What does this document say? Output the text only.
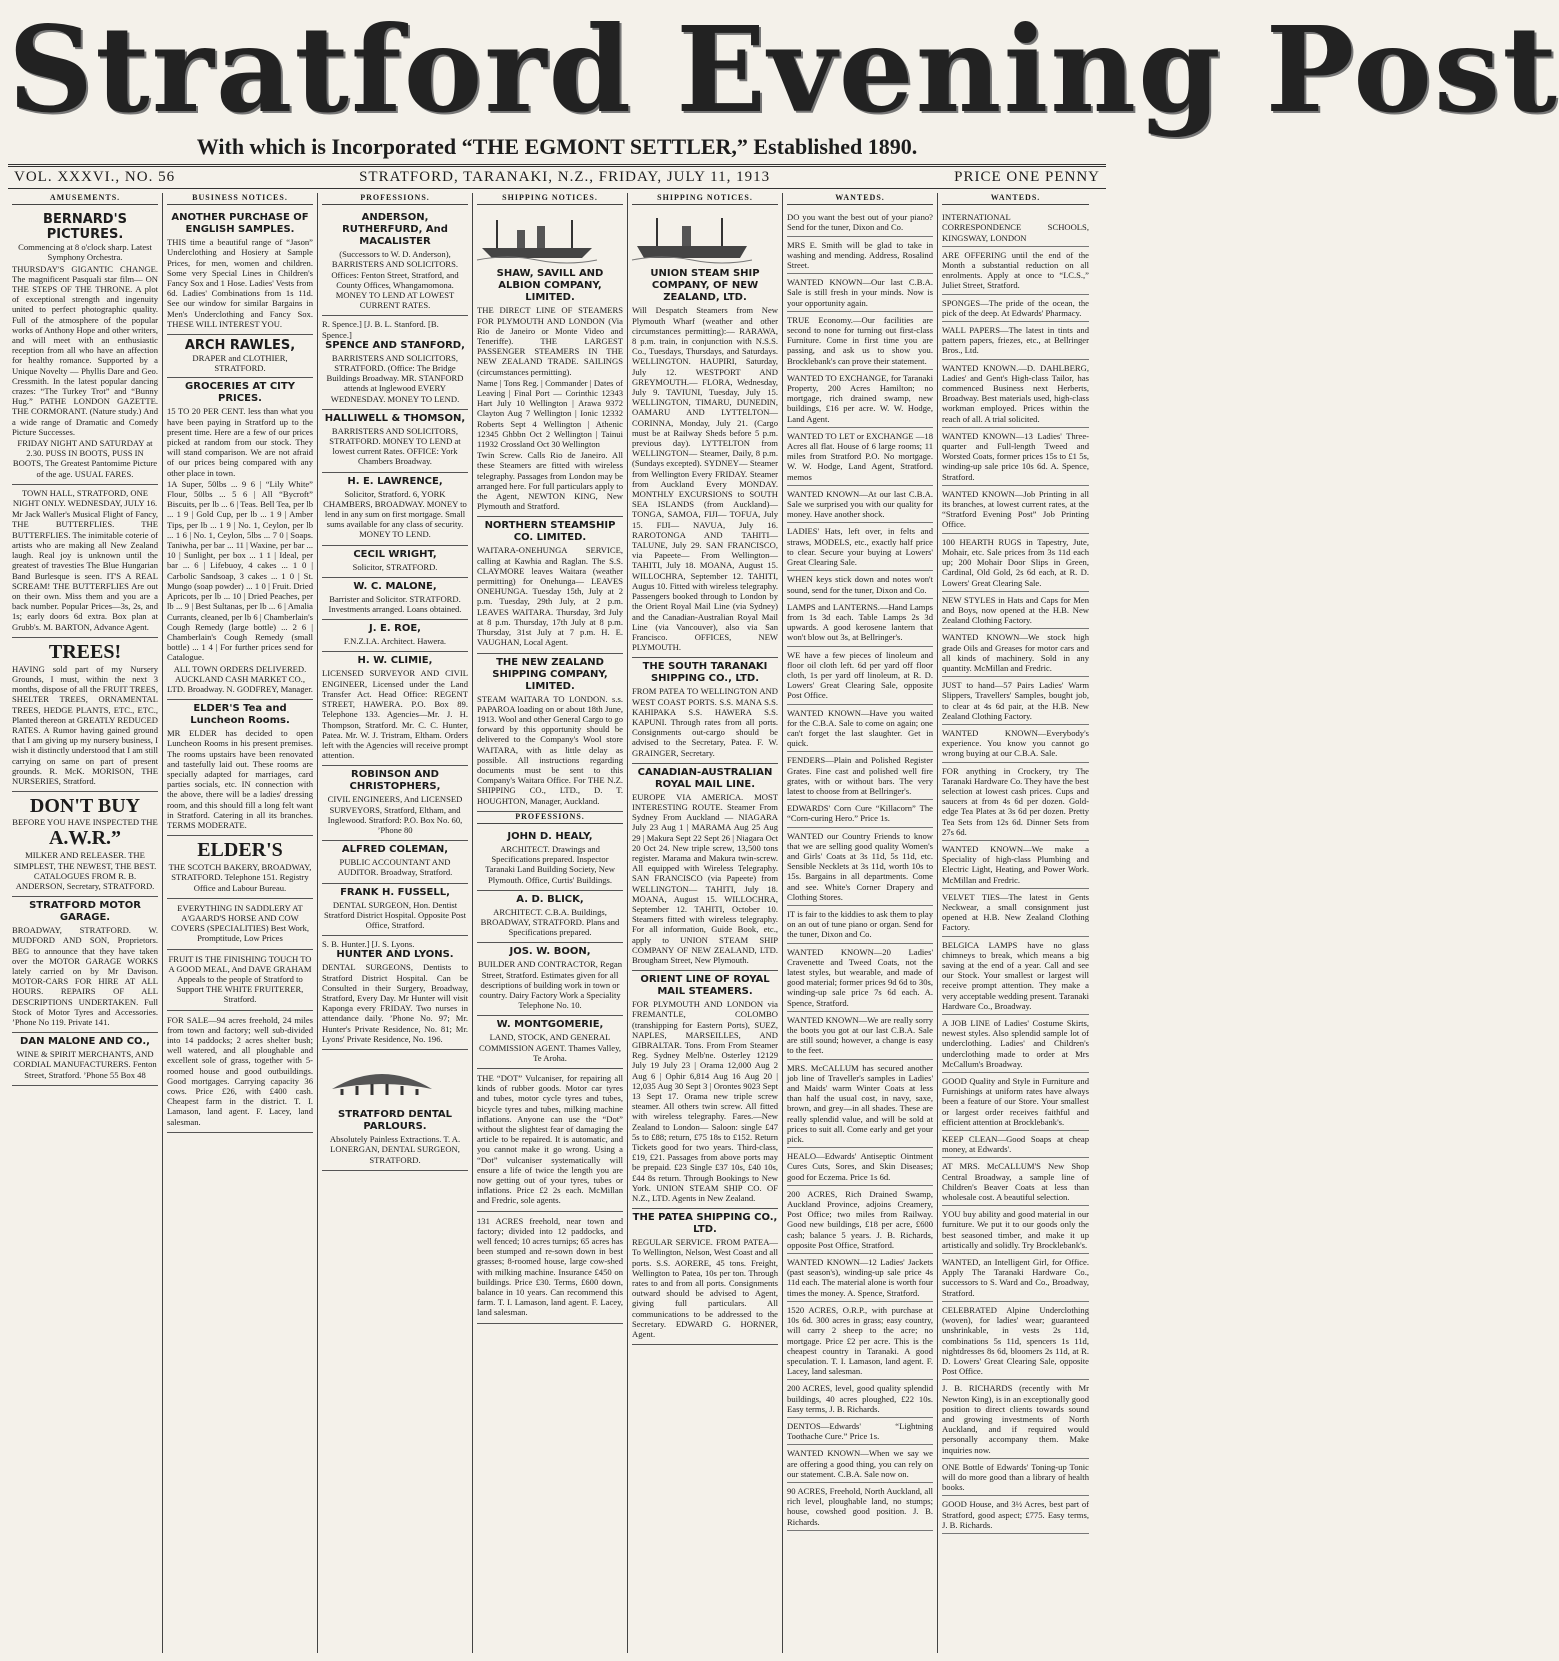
Stratford Evening Post
With which is Incorporated “THE EGMONT SETTLER,” Established 1890.
VOL. XXXVI., NO. 56	STRATFORD, TARANAKI, N.Z., FRIDAY, JULY 11, 1913	PRICE ONE PENNY
AMUSEMENTS.
BERNARD'S PICTURES.
Commencing at 8 o'clock sharp. Latest Symphony Orchestra.

THURSDAY'S GIGANTIC CHANGE. The magnificent Pasquali star film— ON THE STEPS OF THE THRONE. A plot of exceptional strength and ingenuity united to perfect photographic quality. Full of the atmosphere of the popular works of Anthony Hope and other writers, and will meet with an enthusiastic reception from all who have an affection for healthy romance. Supported by a Unique Novelty — Phyllis Dare and Geo. Cressmith. In the latest popular dancing crazes: “The Turkey Trot” and “Bunny Hug.” PATHE LONDON GAZETTE. THE CORMORANT. (Nature study.) And a wide range of Dramatic and Comedy Picture Successes.

FRIDAY NIGHT AND SATURDAY at 2.30. PUSS IN BOOTS, PUSS IN BOOTS, The Greatest Pantomime Picture of the age. USUAL FARES.

TOWN HALL, STRATFORD, ONE NIGHT ONLY. WEDNESDAY, JULY 16.

Mr Jack Waller's Musical Flight of Fancy, THE BUTTERFLIES. THE BUTTERFLIES. The inimitable coterie of artists who are making all New Zealand laugh. Real joy is unknown until the greatest of travesties The Blue Hungarian Band Burlesque is seen. IT'S A REAL SCREAM! THE BUTTERFLIES Are out on their own. Miss them and you are a back number. Popular Prices—3s, 2s, and 1s; early doors 6d extra. Box plan at Grubb's. M. BARTON, Advance Agent.

TREES!

HAVING sold part of my Nursery Grounds, I must, within the next 3 months, dispose of all the FRUIT TREES, SHELTER TREES, ORNAMENTAL TREES, HEDGE PLANTS, ETC., ETC., Planted thereon at GREATLY REDUCED RATES. A Rumor having gained ground that I am giving up my nursery business, I wish it distinctly understood that I am still carrying on same on part of present grounds. R. McK. MORISON, THE NURSERIES, Stratford.

DON'T BUY
BEFORE YOU HAVE INSPECTED THE
A.W.R.”

MILKER AND RELEASER. THE SIMPLEST, THE NEWEST, THE BEST. CATALOGUES FROM R. B. ANDERSON, Secretary, STRATFORD.

STRATFORD MOTOR GARAGE.

BROADWAY, STRATFORD. W. MUDFORD AND SON, Proprietors. BEG to announce that they have taken over the MOTOR GARAGE WORKS lately carried on by Mr Davison. MOTOR-CARS FOR HIRE AT ALL HOURS. REPAIRS OF ALL DESCRIPTIONS UNDERTAKEN. Full Stock of Motor Tyres and Accessories. ’Phone No 119. Private 141.

DAN MALONE AND CO.,

WINE & SPIRIT MERCHANTS, AND CORDIAL MANUFACTURERS. Fenton Street, Stratford. ’Phone 55 Box 48

BUSINESS NOTICES.
ANOTHER PURCHASE OF ENGLISH SAMPLES.

THIS time a beautiful range of “Jason” Underclothing and Hosiery at Sample Prices, for men, women and children. Some very Special Lines in Children's Fancy Sox and 1 Hose. Ladies' Vests from 6d. Ladies' Combinations from 1s 11d. See our window for similar Bargains in Men's Underclothing and Fancy Sox. THESE WILL INTEREST YOU.

ARCH RAWLES,
DRAPER and CLOTHIER, STRATFORD.
GROCERIES AT CITY PRICES.

15 TO 20 PER CENT. less than what you have been paying in Stratford up to the present time. Here are a few of our prices picked at random from our stock. They will stand comparison. We are not afraid of our prices being compared with any other place in town.

1A Super, 50lbs ... 9 6 | “Lily White” Flour, 50lbs ... 5 6 | All “Bycroft” Biscuits, per lb ... 6 | Teas. Bell Tea, per lb ... 1 9 | Gold Cup, per lb ... 1 9 | Amber Tips, per lb ... 1 9 | No. 1, Ceylon, per lb ... 1 6 | No. 1, Ceylon, 5lbs ... 7 0 | Soaps. Taniwha, per bar ... 11 | Waxine, per bar ... 10 | Sunlight, per box ... 1 1 | Ideal, per bar ... 6 | Lifebuoy, 4 cakes ... 1 0 | Carbolic Sandsoap, 3 cakes ... 1 0 | St. Mungo (soap powder) ... 1 0 | Fruit. Dried Apricots, per lb ... 10 | Dried Peaches, per lb ... 9 | Best Sultanas, per lb ... 6 | Amalia Currants, cleaned, per lb 6 | Chamberlain's Cough Remedy (large bottle) ... 2 6 | Chamberlain's Cough Remedy (small bottle) ... 1 4 | For further prices send for Catalogue.

ALL TOWN ORDERS DELIVERED. AUCKLAND CASH MARKET CO., LTD. Broadway. N. GODFREY, Manager.

ELDER'S Tea and Luncheon Rooms.

MR ELDER has decided to open Luncheon Rooms in his present premises. The rooms upstairs have been renovated and tastefully laid out. These rooms are specially adapted for marriages, card parties socials, etc. IN connection with the above, there will be a ladies' dressing room, and this should fill a long felt want in Stratford. Catering in all its branches. TERMS MODERATE.

ELDER'S

THE SCOTCH BAKERY, BROADWAY, STRATFORD. Telephone 151. Registry Office and Labour Bureau.

EVERYTHING IN SADDLERY AT A'GAARD'S HORSE AND COW COVERS (SPECIALITIES) Best Work, Promptitude, Low Prices

FRUIT IS THE FINISHING TOUCH TO A GOOD MEAL, And DAVE GRAHAM Appeals to the people of Stratford to Support THE WHITE FRUITERER, Stratford.

FOR SALE—94 acres freehold, 24 miles from town and factory; well sub-divided into 14 paddocks; 2 acres shelter bush; well watered, and all ploughable and excellent sole of grass, together with 5-roomed house and good outbuildings. Good mortgages. Carrying capacity 36 cows. Price £26, with £400 cash. Cheapest farm in the district. T. I. Lamason, land agent. F. Lacey, land salesman.

PROFESSIONS.
ANDERSON, RUTHERFURD, And MACALISTER

(Successors to W. D. Anderson), BARRISTERS AND SOLICITORS. Offices: Fenton Street, Stratford, and County Offices, Whangamomona. MONEY TO LEND AT LOWEST CURRENT RATES.

R. Spence.] [J. B. L. Stanford. [B. Spence.]
SPENCE AND STANFORD,

BARRISTERS AND SOLICITORS, STRATFORD. (Office: The Bridge Buildings Broadway. MR. STANFORD attends at Inglewood EVERY WEDNESDAY. MONEY TO LEND.

HALLIWELL & THOMSON,

BARRISTERS AND SOLICITORS, STRATFORD. MONEY TO LEND at lowest current Rates. OFFICE: York Chambers Broadway.

H. E. LAWRENCE,

Solicitor, Stratford. 6, YORK CHAMBERS, BROADWAY. MONEY to lend in any sum on first mortgage. Small sums available for any class of security. MONEY TO LEND.

CECIL WRIGHT,

Solicitor, STRATFORD.

W. C. MALONE,

Barrister and Solicitor. STRATFORD. Investments arranged. Loans obtained.

J. E. ROE,

F.N.Z.I.A. Architect. Hawera.

H. W. CLIMIE,

LICENSED SURVEYOR AND CIVIL ENGINEER, Licensed under the Land Transfer Act. Head Office: REGENT STREET, HAWERA. P.O. Box 89. Telephone 133. Agencies—Mr. J. H. Thompson, Stratford. Mr. C. C. Hunter, Patea. Mr. W. J. Tristram, Eltham. Orders left with the Agencies will receive prompt attention.

ROBINSON AND CHRISTOPHERS,

CIVIL ENGINEERS, And LICENSED SURVEYORS, Stratford, Eltham, and Inglewood. Stratford: P.O. Box No. 60, ’Phone 80

ALFRED COLEMAN,

PUBLIC ACCOUNTANT AND AUDITOR. Broadway, Stratford.

FRANK H. FUSSELL,

DENTAL SURGEON, Hon. Dentist Stratford District Hospital. Opposite Post Office, Stratford.

S. B. Hunter.] [J. S. Lyons.
HUNTER AND LYONS.

DENTAL SURGEONS, Dentists to Stratford District Hospital. Can be Consulted in their Surgery, Broadway, Stratford, Every Day. Mr Hunter will visit Kaponga every FRIDAY. Two nurses in attendance daily. ’Phone No. 97; Mr. Hunter's Private Residence, No. 81; Mr. Lyons' Private Residence, No. 196.

STRATFORD DENTAL PARLOURS.

Absolutely Painless Extractions. T. A. LONERGAN, DENTAL SURGEON, STRATFORD.

SHIPPING NOTICES.
SHAW, SAVILL AND ALBION COMPANY, LIMITED.

THE DIRECT LINE OF STEAMERS FOR PLYMOUTH AND LONDON (Via Rio de Janeiro or Monte Video and Teneriffe). THE LARGEST PASSENGER STEAMERS IN THE NEW ZEALAND TRADE. SAILINGS (circumstances permitting).

Name | Tons Reg. | Commander | Dates of Leaving | Final Port — Corinthic 12343 Hart July 10 Wellington | Arawa 9372 Clayton Aug 7 Wellington | Ionic 12332 Roberts Sept 4 Wellington | Athenic 12345 Ghbbn Oct 2 Wellington | Tainui 11932 Crossland Oct 30 Wellington

Twin Screw. Calls Rio de Janeiro. All these Steamers are fitted with wireless telegraphy. Passages from London may be arranged here. For full particulars apply to the Agent, NEWTON KING, New Plymouth and Stratford.

NORTHERN STEAMSHIP CO. LIMITED.

WAITARA-ONEHUNGA SERVICE, calling at Kawhia and Raglan. The S.S. CLAYMORE leaves Waitara (weather permitting) for Onehunga— LEAVES ONEHUNGA. Tuesday 15th, July at 2 p.m. Tuesday, 29th July, at 2 p.m. LEAVES WAITARA. Thursday, 3rd July at 8 p.m. Thursday, 17th July at 8 p.m. Thursday, 31st July at 7 p.m. H. E. VAUGHAN, Local Agent.

THE NEW ZEALAND SHIPPING COMPANY, LIMITED.

STEAM WAITARA TO LONDON. s.s. PAPAROA loading on or about 18th June, 1913. Wool and other General Cargo to go forward by this opportunity should be delivered to the Company's Wool store WAITARA, with as little delay as possible. All instructions regarding documents must be sent to this Company's Waitara Office. For THE N.Z. SHIPPING CO., LTD., D. T. HOUGHTON, Manager, Auckland.

PROFESSIONS.
JOHN D. HEALY,

ARCHITECT. Drawings and Specifications prepared. Inspector Taranaki Land Building Society, New Plymouth. Office, Curtis' Buildings.

A. D. BLICK,

ARCHITECT. C.B.A. Buildings, BROADWAY, STRATFORD. Plans and Specifications prepared.

JOS. W. BOON,

BUILDER AND CONTRACTOR, Regan Street, Stratford. Estimates given for all descriptions of building work in town or country. Dairy Factory Work a Speciality Telephone No. 10.

W. MONTGOMERIE,

LAND, STOCK, AND GENERAL COMMISSION AGENT. Thames Valley, Te Aroha.

THE “DOT” Vulcaniser, for repairing all kinds of rubber goods. Motor car tyres and tubes, motor cycle tyres and tubes, bicycle tyres and tubes, milking machine inflations. Anyone can use the “Dot” without the slightest fear of damaging the article to be repaired. It is automatic, and you cannot make it go wrong. Using a “Dot” vulcaniser systematically will ensure a life of twice the length you are now getting out of your tyres, tubes or inflations. Price £2 2s each. McMillan and Fredric, sole agents.

131 ACRES freehold, near town and factory; divided into 12 paddocks, and well fenced; 10 acres turnips; 65 acres has been stumped and re-sown down in best grasses; 8-roomed house, large cow-shed with milking machine. Insurance £450 on buildings. Price £30. Terms, £600 down, balance in 10 years. Can recommend this farm. T. I. Lamason, land agent. F. Lacey, land salesman.

SHIPPING NOTICES.
UNION STEAM SHIP COMPANY, OF NEW ZEALAND, LTD.

Will Despatch Steamers from New Plymouth Wharf (weather and other circumstances permitting):— RARAWA, 8 p.m. train, in conjunction with N.S.S. Co., Tuesdays, Thursdays, and Saturdays. WELLINGTON. HAUPIRI, Saturday, July 12. WESTPORT AND GREYMOUTH.— FLORA, Wednesday, July 9. TAVIUNI, Tuesday, July 15. WELLINGTON, TIMARU, DUNEDIN, OAMARU AND LYTTELTON— CORINNA, Monday, July 21. (Cargo must be at Railway Sheds before 5 p.m. previous day). LYTTELTON from WELLINGTON— Steamer, Daily, 8 p.m. (Sundays excepted). SYDNEY— Steamer from Wellington Every FRIDAY. Steamer from Auckland Every MONDAY. MONTHLY EXCURSIONS to SOUTH SEA ISLANDS (from Auckland)— TONGA, SAMOA, FIJI— TOFUA, July 15. FIJI— NAVUA, July 16. RAROTONGA AND TAHITI— TALUNE, July 29. SAN FRANCISCO, via Papeete— From Wellington— TAHITI, July 18. MOANA, August 15. WILLOCHRA, September 12. TAHITI, Augus 10. Fitted with wireless telegraphy. Passengers booked through to London by the Orient Royal Mail Line (via Sydney) and the Canadian-Australian Royal Mail Line (via Vancouver), also via San Francisco. OFFICES, NEW PLYMOUTH.

THE SOUTH TARANAKI SHIPPING CO., LTD.

FROM PATEA TO WELLINGTON AND WEST COAST PORTS. S.S. MANA S.S. KAHIPAKA S.S. HAWERA S.S. KAPUNI. Through rates from all ports. Consignments out-cargo should be advised to the Secretary, Patea. F. W. GRAINGER, Secretary.

CANADIAN-AUSTRALIAN ROYAL MAIL LINE.

EUROPE VIA AMERICA. MOST INTERESTING ROUTE. Steamer From Sydney From Auckland — NIAGARA July 23 Aug 1 | MARAMA Aug 25 Aug 29 | Makura Sept 22 Sept 26 | Niagara Oct 20 Oct 24. New triple screw, 13,500 tons register. Marama and Makura twin-screw. All equipped with Wireless Telegraphy. SAN FRANCISCO (via Papeete) from WELLINGTON— TAHITI, July 18. MOANA, August 15. WILLOCHRA, September 12. TAHITI, October 10. Steamers fitted with wireless telegraphy. For all information, Guide Book, etc., apply to UNION STEAM SHIP COMPANY OF NEW ZEALAND, LTD. Brougham Street, New Plymouth.

ORIENT LINE OF ROYAL MAIL STEAMERS.

FOR PLYMOUTH AND LONDON via FREMANTLE, COLOMBO (transhipping for Eastern Ports), SUEZ, NAPLES, MARSEILLES, AND GIBRALTAR. Tons. From From Steamer Reg. Sydney Melb'ne. Osterley 12129 July 19 July 23 | Orama 12,000 Aug 2 Aug 6 | Ophir 6,814 Aug 16 Aug 20 | 12,035 Aug 30 Sept 3 | Orontes 9023 Sept 13 Sept 17. Orama new triple screw steamer. All others twin screw. All fitted with wireless telegraphy. Fares.—New Zealand to London— Saloon: single £47 5s to £88; return, £75 18s to £152. Return Tickets good for two years. Third-class, £19, £21. Passages from above ports may be prepaid. £23 Single £37 10s, £40 10s, £44 8s return. Through Bookings to New York. UNION STEAM SHIP CO. OF N.Z., LTD. Agents in New Zealand.

THE PATEA SHIPPING CO., LTD.

REGULAR SERVICE. FROM PATEA— To Wellington, Nelson, West Coast and all ports. S.S. AORERE, 45 tons. Freight, Wellington to Patea, 10s per ton. Through rates to and from all ports. Consignments outward should be advised to Agent, giving full particulars. All communications to be addressed to the Secretary. EDWARD G. HORNER, Agent.

WANTEDS.

DO you want the best out of your piano? Send for the tuner, Dixon and Co.

MRS E. Smith will be glad to take in washing and mending. Address, Rosalind Street.

WANTED KNOWN—Our last C.B.A. Sale is still fresh in your minds. Now is your opportunity again.

TRUE Economy.—Our facilities are second to none for turning out first-class Furniture. Come in first time you are passing, and ask us to show you. Brocklebank's can prove their statement.

WANTED TO EXCHANGE, for Taranaki Property, 200 Acres Hamilton; no mortgage, rich drained swamp, new buildings, £16 per acre. W. W. Hodge, Land Agent.

WANTED TO LET or EXCHANGE —18 Acres all flat. House of 6 large rooms; 11 miles from Stratford P.O. No mortgage. W. W. Hodge, Land Agent, Stratford. memos

WANTED KNOWN—At our last C.B.A. Sale we surprised you with our quality for money. Have another shock.

LADIES' Hats, left over, in felts and straws, MODELS, etc., exactly half price to clear. Secure your buying at Lowers' Great Clearing Sale.

WHEN keys stick down and notes won't sound, send for the tuner, Dixon and Co.

LAMPS and LANTERNS.—Hand Lamps from 1s 3d each. Table Lamps 2s 3d upwards. A good kerosene lantern that won't blow out 3s, at Bellringer's.

WE have a few pieces of linoleum and floor oil cloth left. 6d per yard off floor cloth, 1s per yard off linoleum, at R. D. Lowers' Great Clearing Sale, opposite Post Office.

WANTED KNOWN—Have you waited for the C.B.A. Sale to come on again; one can't forget the last slaughter. Get in quick.

FENDERS—Plain and Polished Register Grates. Fine cast and polished well fire grates, with or without bars. The very latest to choose from at Bellringer's.

EDWARDS' Corn Cure “Killacorn” The “Corn-curing Hero.” Price 1s.

WANTED our Country Friends to know that we are selling good quality Women's and Girls' Coats at 3s 11d, 5s 11d, etc. Sensible Necklets at 3s 11d, worth 10s to 15s. Bargains in all departments. Come and see. White's Corner Drapery and Clothing Stores.

IT is fair to the kiddies to ask them to play on an out of tune piano or organ. Send for the tuner, Dixon and Co.

WANTED KNOWN—20 Ladies' Cravenette and Tweed Coats, not the latest styles, but wearable, and made of good material; former prices 9d 6d to 30s, winding-up sale price 7s 6d each. A. Spence, Stratford.

WANTED KNOWN—We are really sorry the boots you got at our last C.B.A. Sale are still sound; however, a change is easy to the feet.

MRS. McCALLUM has secured another job line of Traveller's samples in Ladies' and Maids' warm Winter Coats at less than half the usual cost, in navy, saxe, brown, and grey—in all shades. These are really splendid value, and will be sold at prices to suit all. Come early and get your pick.

HEALO—Edwards' Antiseptic Ointment Cures Cuts, Sores, and Skin Diseases; good for Eczema. Price 1s 6d.

200 ACRES, Rich Drained Swamp, Auckland Province, adjoins Creamery, Post Office; two miles from Railway. Good new buildings, £18 per acre, £600 cash; balance 5 years. J. B. Richards, opposite Post Office, Stratford.

WANTED KNOWN—12 Ladies' Jackets (past season's), winding-up sale price 4s 11d each. The material alone is worth four times the money. A. Spence, Stratford.

1520 ACRES, O.R.P., with purchase at 10s 6d. 300 acres in grass; easy country, will carry 2 sheep to the acre; no mortgage. Price £2 per acre. This is the cheapest country in Taranaki. A good speculation. T. I. Lamason, land agent. F. Lacey, land salesman.

200 ACRES, level, good quality splendid buildings, 40 acres ploughed, £22 10s. Easy terms, J. B. Richards.

DENTOS—Edwards' “Lightning Toothache Cure.” Price 1s.

WANTED KNOWN—When we say we are offering a good thing, you can rely on our statement. C.B.A. Sale now on.

90 ACRES, Freehold, North Auckland, all rich level, ploughable land, no stumps; house, cowshed good position. J. B. Richards.

WANTEDS.

INTERNATIONAL CORRESPONDENCE SCHOOLS, KINGSWAY, LONDON

ARE OFFERING until the end of the Month a substantial reduction on all enrolments. Apply at once to “I.C.S.,” Juliet Street, Stratford.

SPONGES—The pride of the ocean, the pick of the deep. At Edwards' Pharmacy.

WALL PAPERS—The latest in tints and pattern papers, friezes, etc., at Bellringer Bros., Ltd.

WANTED KNOWN.—D. DAHLBERG, Ladies' and Gent's High-class Tailor, has commenced Business next Herberts, Broadway. Best materials used, high-class workman employed. Prices within the reach of all. A trial solicited.

WANTED KNOWN—13 Ladies' Three-quarter and Full-length Tweed and Worsted Coats, former prices 15s to £1 5s, winding-up sale price 10s 6d. A. Spence, Stratford.

WANTED KNOWN—Job Printing in all its branches, at lowest current rates, at the “Stratford Evening Post” Job Printing Office.

100 HEARTH RUGS in Tapestry, Jute, Mohair, etc. Sale prices from 3s 11d each up; 200 Mohair Door Slips in Green, Cardinal, Old Gold, 2s 6d each, at R. D. Lowers' Great Clearing Sale.

NEW STYLES in Hats and Caps for Men and Boys, now opened at the H.B. New Zealand Clothing Factory.

WANTED KNOWN—We stock high grade Oils and Greases for motor cars and all kinds of machinery. Sold in any quantity. McMillan and Fredric.

JUST to hand—57 Pairs Ladies' Warm Slippers, Travellers' Samples, bought job, to clear at 4s 6d pair, at the H.B. New Zealand Clothing Factory.

WANTED KNOWN—Everybody's experience. You know you cannot go wrong buying at our C.B.A. Sale.

FOR anything in Crockery, try The Taranaki Hardware Co. They have the best selection at lowest cash prices. Cups and saucers at from 4s 6d per dozen. Gold-edge Tea Plates at 3s 6d per dozen. Pretty Tea Sets from 12s 6d. Dinner Sets from 27s 6d.

WANTED KNOWN—We make a Speciality of high-class Plumbing and Electric Light, Heating, and Power Work. McMillan and Fredric.

VELVET TIES—The latest in Gents Neckwear, a small consignment just opened at H.B. New Zealand Clothing Factory.

BELGICA LAMPS have no glass chimneys to break, which means a big saving at the end of a year. Call and see our Stock. Your smallest or largest will receive prompt attention. They make a very acceptable wedding present. Taranaki Hardware Co., Broadway.

A JOB LINE of Ladies' Costume Skirts, newest styles. Also splendid sample lot of underclothing. Ladies' and Children's underclothing made to order at Mrs McCallum's Broadway.

GOOD Quality and Style in Furniture and Furnishings at uniform rates have always been a feature of our Store. Your smallest or largest order receives faithful and efficient attention at Brocklebank's.

KEEP CLEAN—Good Soaps at cheap money, at Edwards'.

AT MRS. McCALLUM'S New Shop Central Broadway, a sample line of Children's Beaver Coats at less than wholesale cost. A beautiful selection.

YOU buy ability and good material in our furniture. We put it to our goods only the best seasoned timber, and make it up artistically and solidly. Try Brocklebank's.

WANTED, an Intelligent Girl, for Office. Apply The Taranaki Hardware Co., successors to S. Ward and Co., Broadway, Stratford.

CELEBRATED Alpine Underclothing (woven), for ladies' wear; guaranteed unshrinkable, in vests 2s 11d, combinations 5s 11d, spencers 1s 11d, nightdresses 8s 6d, bloomers 2s 11d, at R. D. Lowers' Great Clearing Sale, opposite Post Office.

J. B. RICHARDS (recently with Mr Newton King), is in an exceptionally good position to direct clients towards sound and growing investments of North Auckland, and if required would personally accompany them. Make inquiries now.

ONE Bottle of Edwards' Toning-up Tonic will do more good than a library of health books.

GOOD House, and 3½ Acres, best part of Stratford, good aspect; £775. Easy terms, J. B. Richards.
